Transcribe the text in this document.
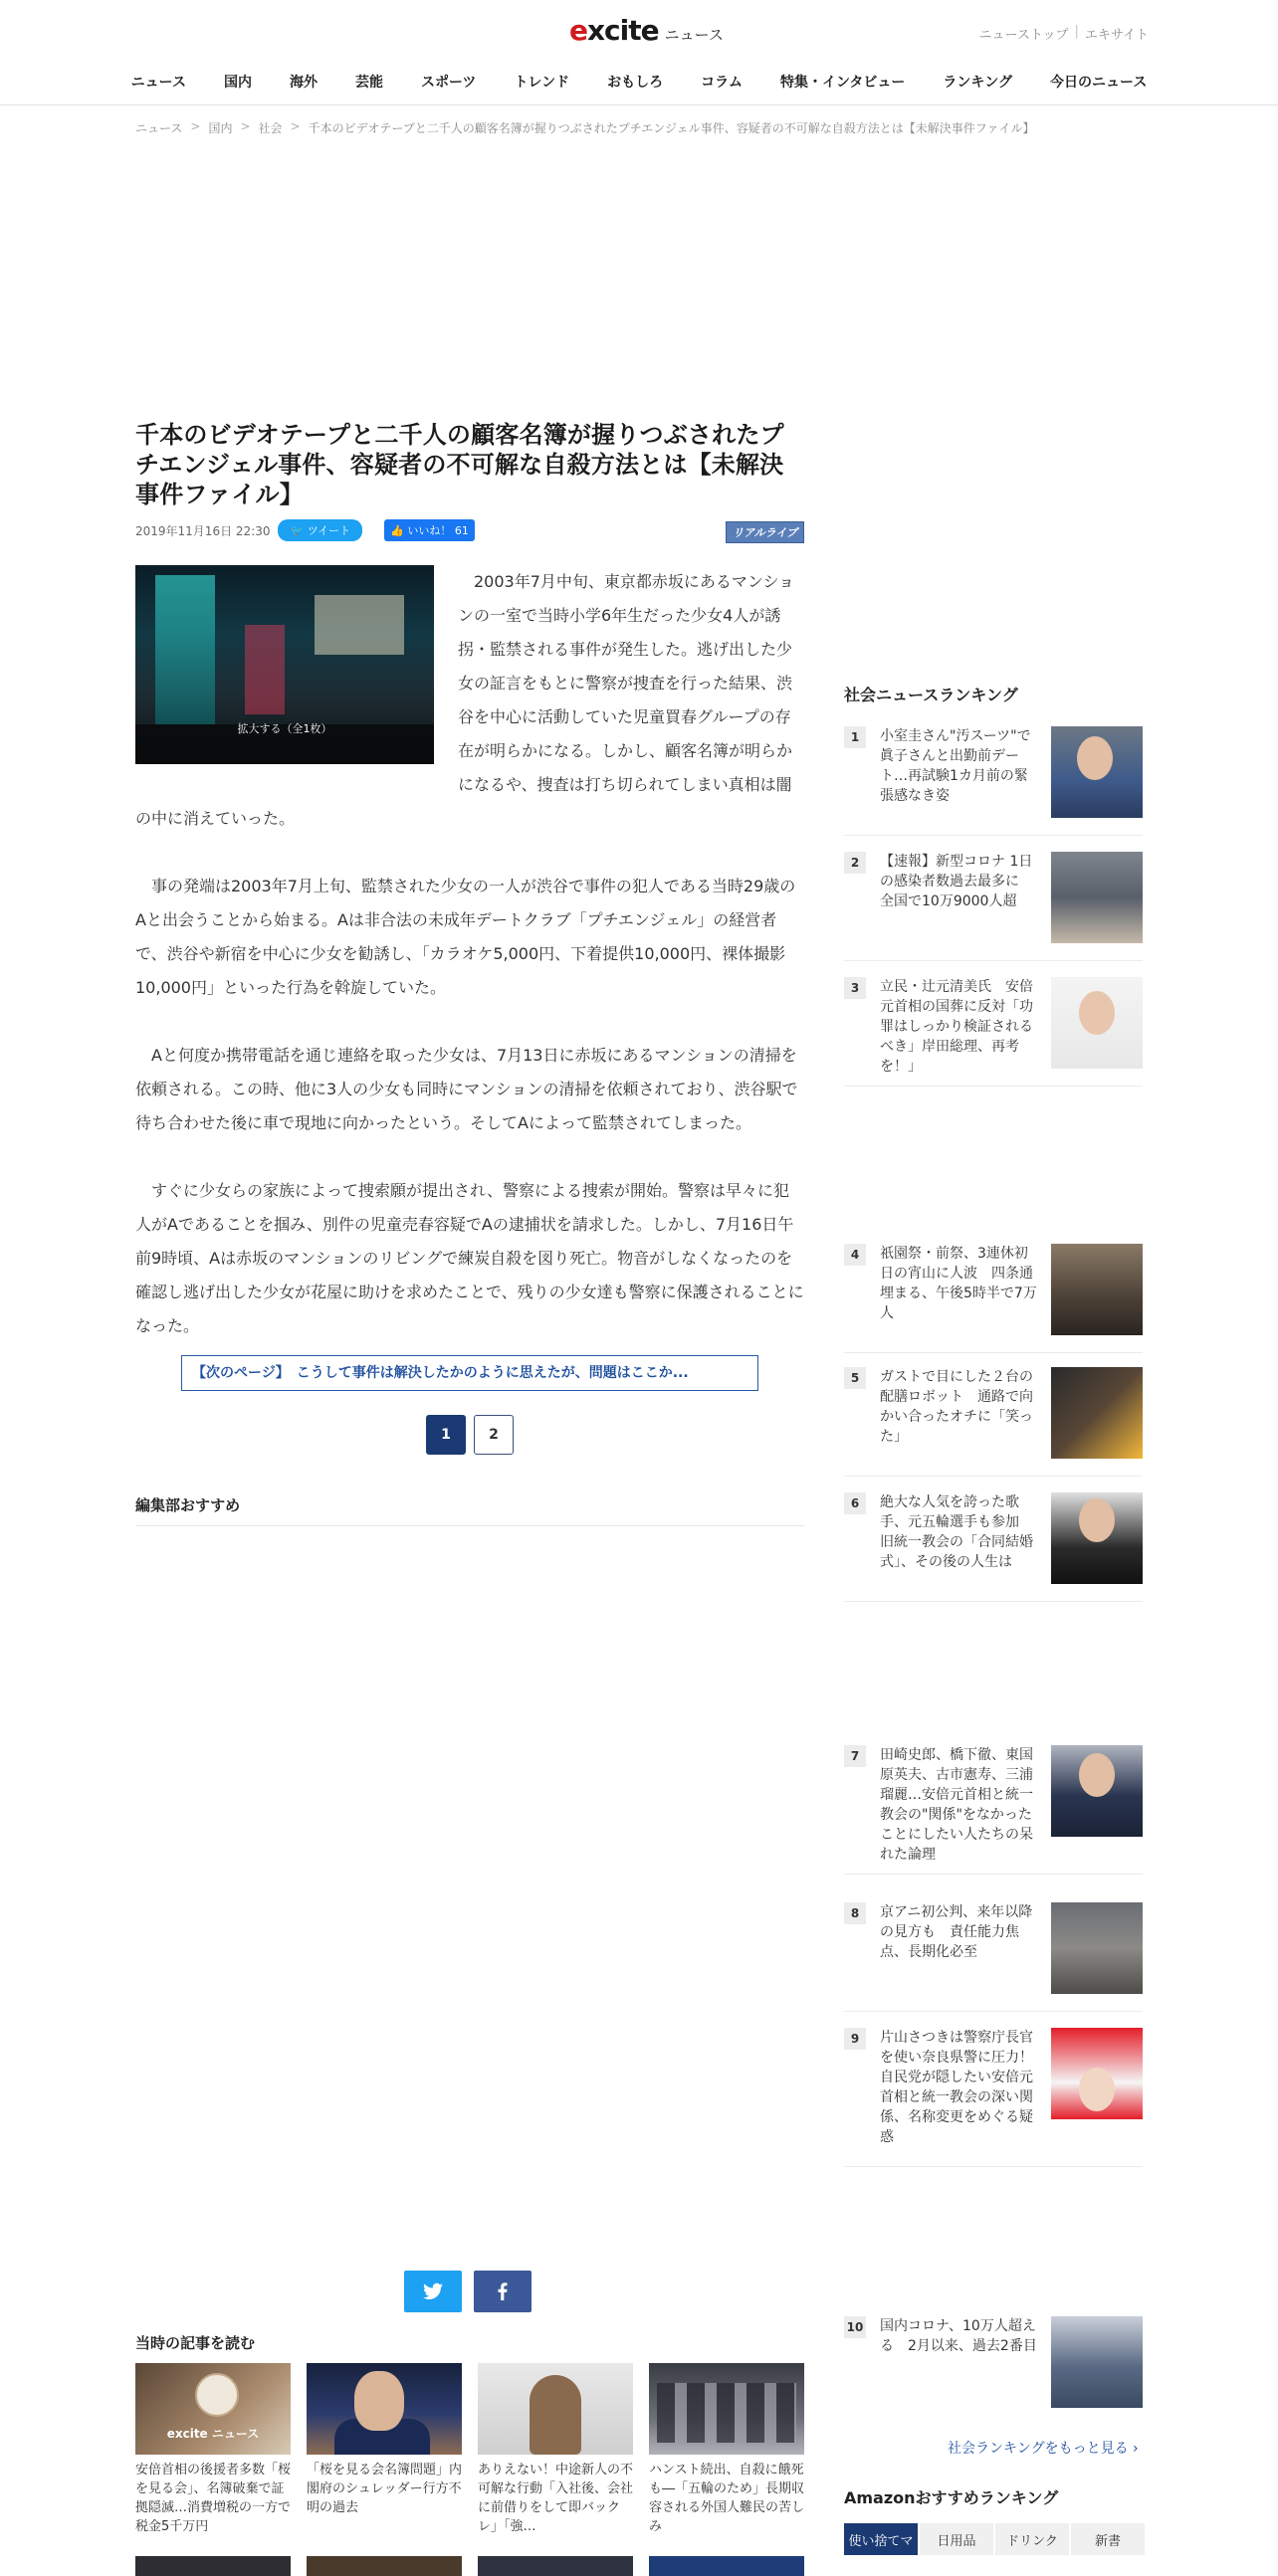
excite ニュース	ニューストップ | エキサイト
ニュース	国内	海外	芸能	スポーツ	トレンド	おもしろ	コラム	特集・インタビュー	ランキング	今日のニュース
ニュース > 国内 > 社会 > 千本のビデオテープと二千人の顧客名簿が握りつぶされたプチエンジェル事件、容疑者の不可解な自殺方法とは【未解決事件ファイル】
千本のビデオテープと二千人の顧客名簿が握りつぶされたプチエンジェル事件、容疑者の不可解な自殺方法とは【未解決事件ファイル】
2019年11月16日 22:30	🐦 ツイート	👍 いいね！ 61	リアルライブ
拡大する（全1枚）

2003年7月中旬、東京都赤坂にあるマンションの一室で当時小学6年生だった少女4人が誘拐・監禁される事件が発生した。逃げ出した少女の証言をもとに警察が捜査を行った結果、渋谷を中心に活動していた児童買春グループの存在が明らかになる。しかし、顧客名簿が明らかになるや、捜査は打ち切られてしまい真相は闇の中に消えていった。

事の発端は2003年7月上旬、監禁された少女の一人が渋谷で事件の犯人である当時29歳のAと出会うことから始まる。Aは非合法の未成年デートクラブ「プチエンジェル」の経営者で、渋谷や新宿を中心に少女を勧誘し、「カラオケ5,000円、下着提供10,000円、裸体撮影10,000円」といった行為を斡旋していた。

Aと何度か携帯電話を通じ連絡を取った少女は、7月13日に赤坂にあるマンションの清掃を依頼される。この時、他に3人の少女も同時にマンションの清掃を依頼されており、渋谷駅で待ち合わせた後に車で現地に向かったという。そしてAによって監禁されてしまった。

すぐに少女らの家族によって捜索願が提出され、警察による捜索が開始。警察は早々に犯人がAであることを掴み、別件の児童売春容疑でAの逮捕状を請求した。しかし、7月16日午前9時頃、Aは赤坂のマンションのリビングで練炭自殺を図り死亡。物音がしなくなったのを確認し逃げ出した少女が花屋に助けを求めたことで、残りの少女達も警察に保護されることになった。

【次のページ】　こうして事件は解決したかのように思えたが、問題はここか...
1	2
編集部おすすめ
当時の記事を読む
excite ニュース
安倍首相の後援者多数「桜を見る会」、名簿破棄で証拠隠滅…消費増税の一方で税金5千万円
「桜を見る会名簿問題」内閣府のシュレッダー行方不明の過去
ありえない！中途新人の不可解な行動「入社後、会社に前借りをして即バックレ」「強…
ハンスト続出、自殺に餓死も―「五輪のため」長期収容される外国人難民の苦しみ
社会ニュースランキング
1	小室圭さん"汚スーツ"で眞子さんと出勤前デート…再試験1カ月前の緊張感なき姿
2	【速報】新型コロナ 1日の感染者数過去最多に 全国で10万9000人超
3	立民・辻元清美氏　安倍元首相の国葬に反対「功罪はしっかり検証されるべき」岸田総理、再考を！」
4	祇園祭・前祭、3連休初日の宵山に人波　四条通埋まる、午後5時半で7万人
5	ガストで目にした２台の配膳ロボット　通路で向かい合ったオチに「笑った」
6	絶大な人気を誇った歌手、元五輪選手も参加 旧統一教会の「合同結婚式」、その後の人生は
7	田崎史郎、橋下徹、東国原英夫、古市憲寿、三浦瑠麗…安倍元首相と統一教会の"関係"をなかったことにしたい人たちの呆れた論理
8	京アニ初公判、来年以降の見方も　責任能力焦点、長期化必至
9	片山さつきは警察庁長官を使い奈良県警に圧力！自民党が隠したい安倍元首相と統一教会の深い関係、名称変更をめぐる疑惑
10 国内コロナ、10万人超える　2月以来、過去2番目
社会ランキングをもっと見る ›
Amazonおすすめランキング
使い捨てマ	日用品	ドリンク	新書
